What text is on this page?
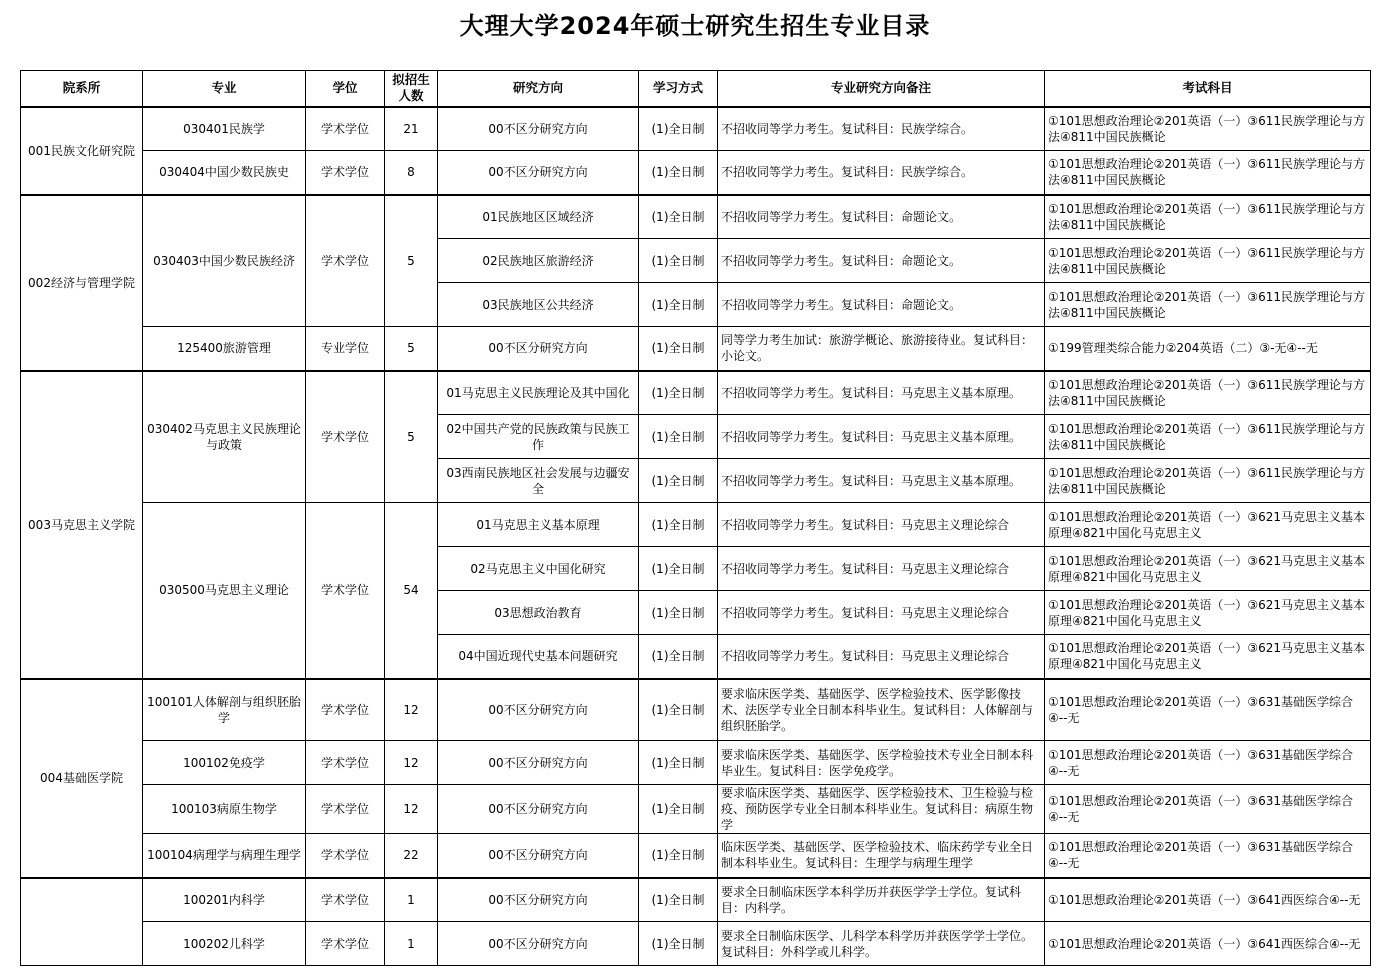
大理大学2024年硕士研究生招生专业目录
院系所	专业	学位	拟招生人数	研究方向	学习方式	专业研究方向备注	考试科目
001民族文化研究院	030401民族学	学术学位	21	00不区分研究方向	(1)全日制	不招收同等学力考生。复试科目：民族学综合。	①101思想政治理论②201英语（一）③611民族学理论与方法④811中国民族概论
	030404中国少数民族史	学术学位	8	00不区分研究方向	(1)全日制	不招收同等学力考生。复试科目：民族学综合。	①101思想政治理论②201英语（一）③611民族学理论与方法④811中国民族概论
002经济与管理学院	030403中国少数民族经济	学术学位	5	01民族地区区域经济	(1)全日制	不招收同等学力考生。复试科目：命题论文。	①101思想政治理论②201英语（一）③611民族学理论与方法④811中国民族概论
				02民族地区旅游经济	(1)全日制	不招收同等学力考生。复试科目：命题论文。	①101思想政治理论②201英语（一）③611民族学理论与方法④811中国民族概论
				03民族地区公共经济	(1)全日制	不招收同等学力考生。复试科目：命题论文。	①101思想政治理论②201英语（一）③611民族学理论与方法④811中国民族概论
	125400旅游管理	专业学位	5	00不区分研究方向	(1)全日制	同等学力考生加试：旅游学概论、旅游接待业。复试科目：小论文。	①199管理类综合能力②204英语（二）③-无④--无
003马克思主义学院	030402马克思主义民族理论与政策	学术学位	5	01马克思主义民族理论及其中国化	(1)全日制	不招收同等学力考生。复试科目：马克思主义基本原理。	①101思想政治理论②201英语（一）③611民族学理论与方法④811中国民族概论
				02中国共产党的民族政策与民族工作	(1)全日制	不招收同等学力考生。复试科目：马克思主义基本原理。	①101思想政治理论②201英语（一）③611民族学理论与方法④811中国民族概论
				03西南民族地区社会发展与边疆安全	(1)全日制	不招收同等学力考生。复试科目：马克思主义基本原理。	①101思想政治理论②201英语（一）③611民族学理论与方法④811中国民族概论
	030500马克思主义理论	学术学位	54	01马克思主义基本原理	(1)全日制	不招收同等学力考生。复试科目：马克思主义理论综合	①101思想政治理论②201英语（一）③621马克思主义基本原理④821中国化马克思主义
				02马克思主义中国化研究	(1)全日制	不招收同等学力考生。复试科目：马克思主义理论综合	①101思想政治理论②201英语（一）③621马克思主义基本原理④821中国化马克思主义
				03思想政治教育	(1)全日制	不招收同等学力考生。复试科目：马克思主义理论综合	①101思想政治理论②201英语（一）③621马克思主义基本原理④821中国化马克思主义
				04中国近现代史基本问题研究	(1)全日制	不招收同等学力考生。复试科目：马克思主义理论综合	①101思想政治理论②201英语（一）③621马克思主义基本原理④821中国化马克思主义
004基础医学院	100101人体解剖与组织胚胎学	学术学位	12	00不区分研究方向	(1)全日制	要求临床医学类、基础医学、医学检验技术、医学影像技术、法医学专业全日制本科毕业生。复试科目：人体解剖与组织胚胎学。	①101思想政治理论②201英语（一）③631基础医学综合④--无
	100102免疫学	学术学位	12	00不区分研究方向	(1)全日制	要求临床医学类、基础医学、医学检验技术专业全日制本科毕业生。复试科目：医学免疫学。	①101思想政治理论②201英语（一）③631基础医学综合④--无
	100103病原生物学	学术学位	12	00不区分研究方向	(1)全日制	要求临床医学类、基础医学、医学检验技术、卫生检验与检疫、预防医学专业全日制本科毕业生。复试科目：病原生物学	①101思想政治理论②201英语（一）③631基础医学综合④--无
	100104病理学与病理生理学	学术学位	22	00不区分研究方向	(1)全日制	临床医学类、基础医学、医学检验技术、临床药学专业全日制本科毕业生。复试科目：生理学与病理生理学	①101思想政治理论②201英语（一）③631基础医学综合④--无
	100201内科学	学术学位	1	00不区分研究方向	(1)全日制	要求全日制临床医学本科学历并获医学学士学位。复试科目：内科学。	①101思想政治理论②201英语（一）③641西医综合④--无
	100202儿科学	学术学位	1	00不区分研究方向	(1)全日制	要求全日制临床医学、儿科学本科学历并获医学学士学位。复试科目：外科学或儿科学。	①101思想政治理论②201英语（一）③641西医综合④--无
